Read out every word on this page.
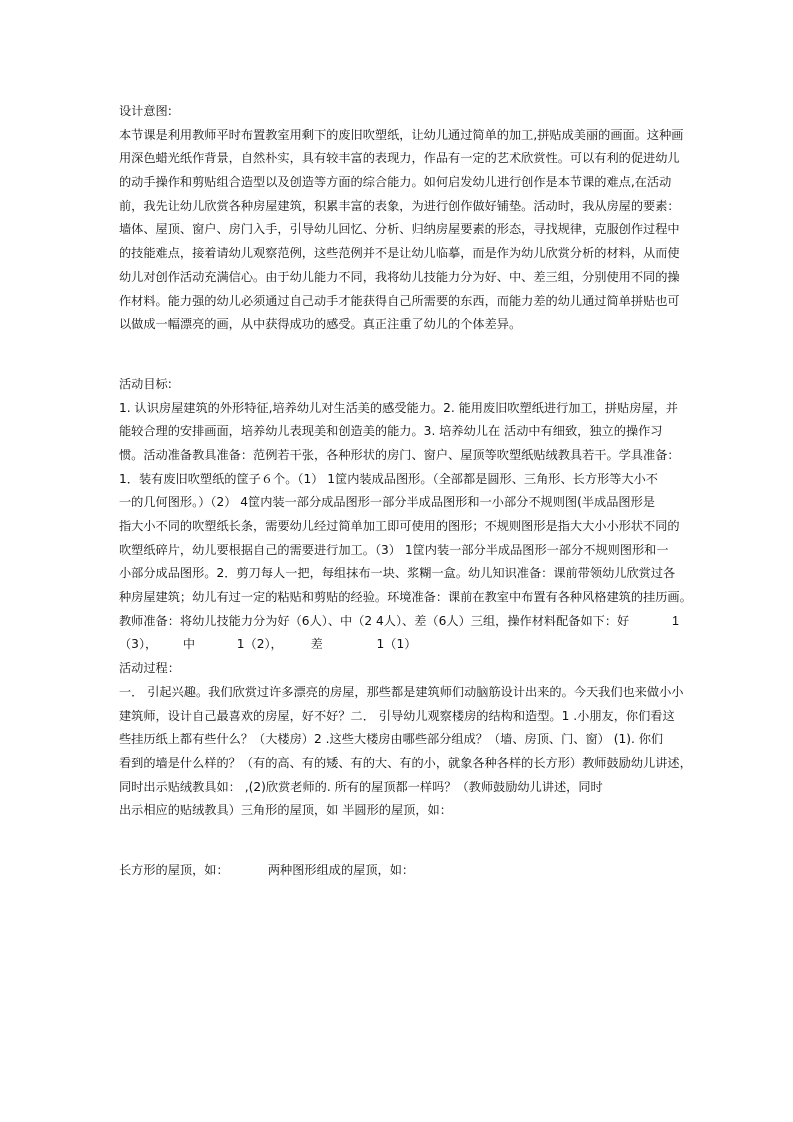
设计意图:
本节课是利用教师平时布置教室用剩下的废旧吹塑纸，让幼儿通过简单的加工,拼贴成美丽的画面。这种画
用深色蜡光纸作背景，自然朴实，具有较丰富的表现力，作品有一定的艺术欣赏性。可以有利的促进幼儿
的动手操作和剪贴组合造型以及创造等方面的综合能力。如何启发幼儿进行创作是本节课的难点,在活动
前，我先让幼儿欣赏各种房屋建筑，积累丰富的表象，为进行创作做好铺垫。活动时，我从房屋的要素：
墙体、屋顶、窗户、房门入手，引导幼儿回忆、分析、归纳房屋要素的形态，寻找规律，克服创作过程中
的技能难点，接着请幼儿观察范例，这些范例并不是让幼儿临摹，而是作为幼儿欣赏分析的材料，从而使
幼儿对创作活动充满信心。由于幼儿能力不同，我将幼儿技能力分为好、中、差三组，分别使用不同的操
作材料。能力强的幼儿必须通过自己动手才能获得自己所需要的东西，而能力差的幼儿通过简单拼贴也可
以做成一幅漂亮的画，从中获得成功的感受。真正注重了幼儿的个体差异。
活动目标:
1. 认识房屋建筑的外形特征,培养幼儿对生活美的感受能力。2. 能用废旧吹塑纸进行加工，拼贴房屋，并
能较合理的安排画面，培养幼儿表现美和创造美的能力。3. 培养幼儿在 活动中有细致，独立的操作习
惯。活动准备教具准备：范例若干张，各种形状的房门、窗户、屋顶等吹塑纸贴绒教具若干。学具准备：
1．装有废旧吹塑纸的筐子６个。（1） 1筐内装成品图形。（全部都是圆形、三角形、长方形等大小不
一的几何图形。）（2） 4筐内装一部分成品图形一部分半成品图形和一小部分不规则图(半成品图形是
指大小不同的吹塑纸长条，需要幼儿经过简单加工即可使用的图形；不规则图形是指大大小小形状不同的
吹塑纸碎片，幼儿要根据自己的需要进行加工。（3） 1筐内装一部分半成品图形一部分不规则图形和一
小部分成品图形。2．剪刀每人一把，每组抹布一块、浆糊一盒。幼儿知识准备：课前带领幼儿欣赏过各
种房屋建筑；幼儿有过一定的粘贴和剪贴的经验。环境准备：课前在教室中布置有各种风格建筑的挂历画。
教师准备：将幼儿技能力分为好（6人）、中（2 4人）、差（6人）三组，操作材料配备如下：好	1
（3）， 中	1（2）， 差	1（1）
活动过程：
一． 引起兴趣。我们欣赏过许多漂亮的房屋，那些都是建筑师们动脑筋设计出来的。今天我们也来做小小
建筑师，设计自己最喜欢的房屋，好不好？二． 引导幼儿观察楼房的结构和造型。1 .小朋友，你们看这
些挂历纸上都有些什么？（大楼房）2 .这些大楼房由哪些部分组成？（墙、房顶、门、窗） (1). 你们
看到的墙是什么样的？（有的高、有的矮、有的大、有的小，就象各种各样的长方形）教师鼓励幼儿讲述，
同时出示贴绒教具如： ,(2)欣赏老师的. 所有的屋顶都一样吗？（教师鼓励幼儿讲述，同时
出示相应的贴绒教具）三角形的屋顶，如 半圆形的屋顶，如：
长方形的屋顶，如：	两种图形组成的屋顶，如：
